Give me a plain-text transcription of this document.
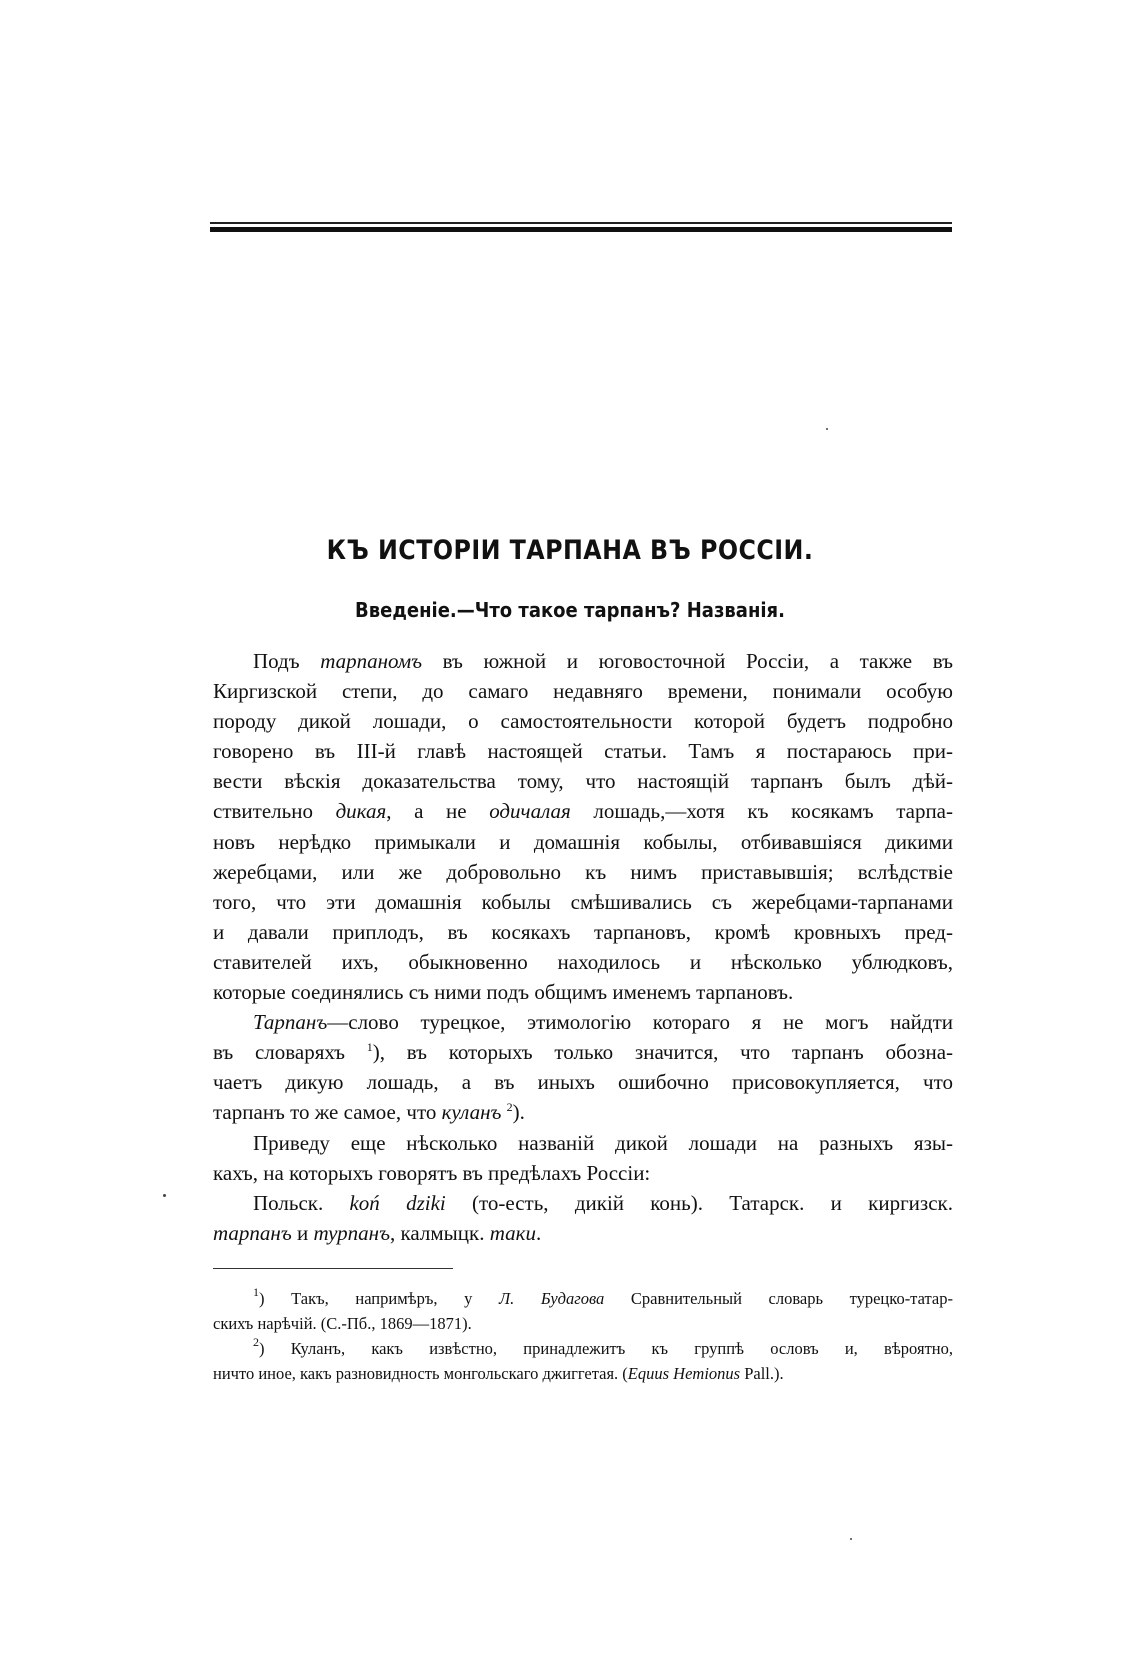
КЪ ИСТОРІИ ТАРПАНА ВЪ РОССІИ.
Введеніе.—Что такое тарпанъ? Названія.
Подъ тарпаномъ въ южной и юговосточной Россіи, а также въ
Киргизской степи, до самаго недавняго времени, понимали особую
породу дикой лошади, о самостоятельности которой будетъ подробно
говорено въ III-й главѣ настоящей статьи. Тамъ я постараюсь при-
вести вѣскія доказательства тому, что настоящій тарпанъ былъ дѣй-
ствительно дикая, а не одичалая лошадь,—хотя къ косякамъ тарпа-
новъ нерѣдко примыкали и домашнія кобылы, отбивавшіяся дикими
жеребцами, или же добровольно къ нимъ приставывшія; вслѣдствіе
того, что эти домашнія кобылы смѣшивались съ жеребцами-тарпанами
и давали приплодъ, въ косякахъ тарпановъ, кромѣ кровныхъ пред-
ставителей ихъ, обыкновенно находилось и нѣсколько ублюдковъ,
которые соединялись съ ними подъ общимъ именемъ тарпановъ.
Тарпанъ—слово турецкое, этимологію котораго я не могъ найдти
въ словаряхъ $^1$), въ которыхъ только значится, что тарпанъ обозна-
чаетъ дикую лошадь, а въ иныхъ ошибочно присовокупляется, что
тарпанъ то же самое, что куланъ $^2$).
Приведу еще нѣсколько названій дикой лошади на разныхъ язы-
кахъ, на которыхъ говорятъ въ предѣлахъ Россіи:
Польск. koń dziki (то-есть, дикій конь). Татарск. и киргизск.
тарпанъ и турпанъ, калмыцк. таки.
$^1$) Такъ, напримѣръ, у Л. Будагова Сравнительный словарь турецко-татар-
скихъ нарѣчій. (С.-Пб., 1869—1871).
$^2$) Куланъ, какъ извѣстно, принадлежитъ къ группѣ ословъ и, вѣроятно,
ничто иное, какъ разновидность монгольскаго джиггетая. (Equus Hemionus Pall.).
